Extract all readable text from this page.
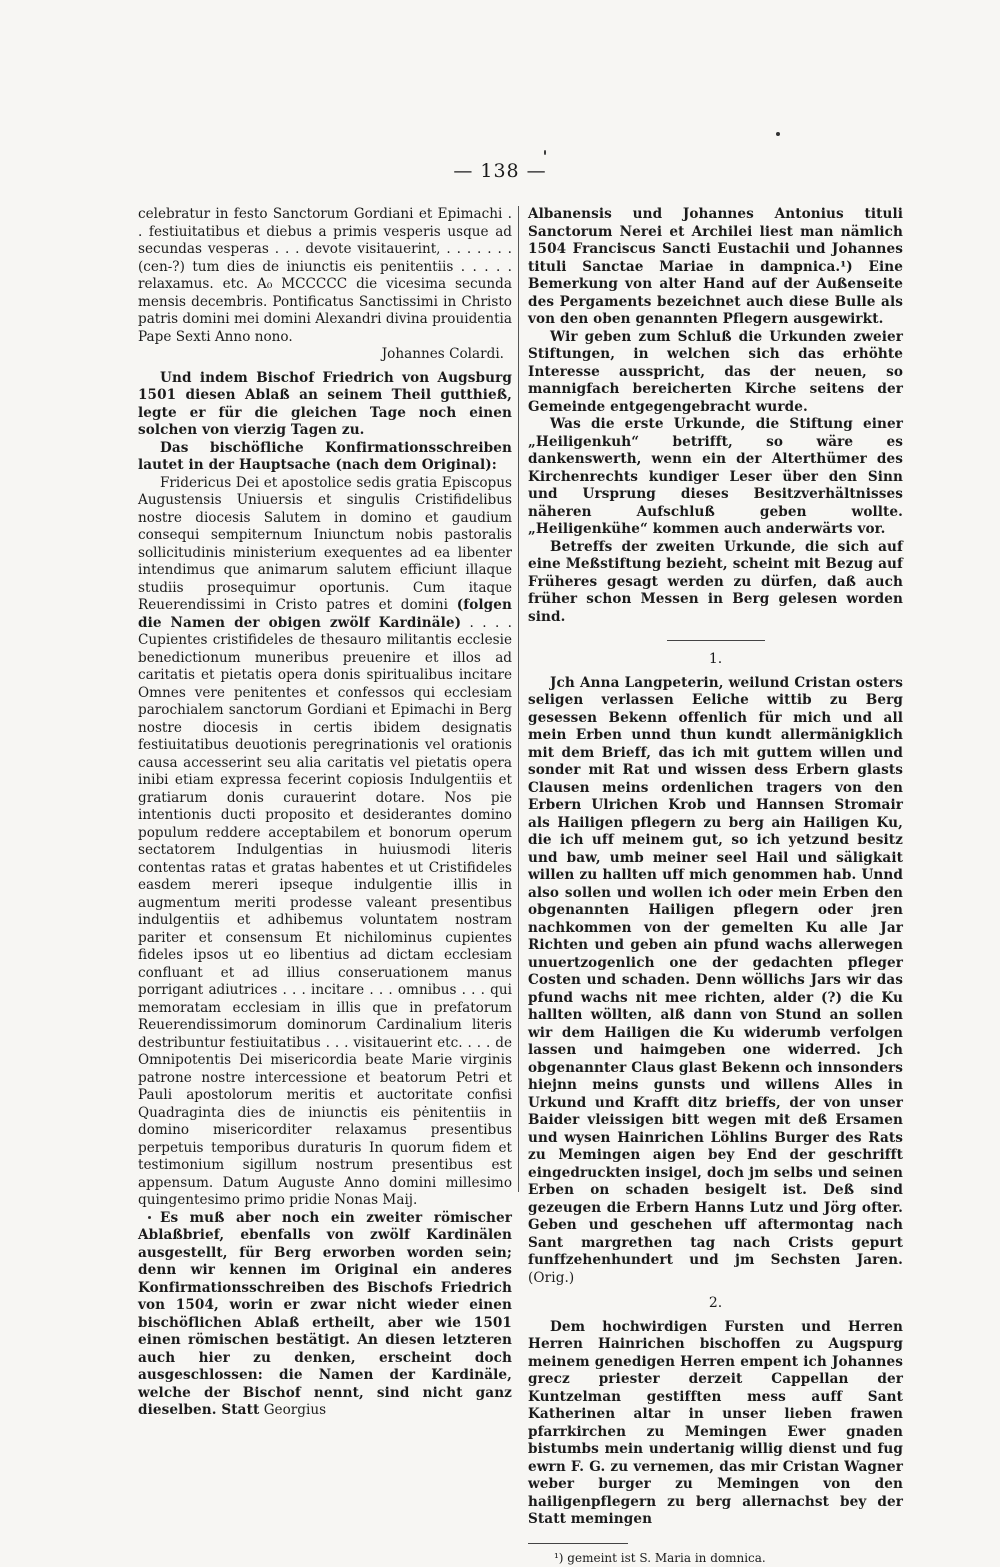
— 138 —

celebratur in festo Sanctorum Gordiani et Epimachi . . festiuitatibus et diebus a primis vesperis usque ad secundas vesperas . . . devote visitauerint, . . . . . . . (cen-?) tum dies de iniunctis eis penitentiis . . . . . relaxamus. etc. A₀ MCCCCC die vicesima secunda mensis decembris. Pontificatus Sanctissimi in Christo patris domini mei domini Alexandri divina prouidentia Pape Sexti Anno nono.

Johannes Colardi.

Und indem Bischof Friedrich von Augsburg 1501 diesen Ablaß an seinem Theil gutthieß, legte er für die gleichen Tage noch einen solchen von vierzig Tagen zu.

Das bischöfliche Konfirmationsschreiben lautet in der Hauptsache (nach dem Original):

Fridericus Dei et apostolice sedis gratia Episcopus Augustensis Uniuersis et singulis Cristifidelibus nostre diocesis Salutem in domino et gaudium consequi sempiternum Iniunctum nobis pastoralis sollicitudinis ministerium exequentes ad ea libenter intendimus que animarum salutem efficiunt illaque studiis prosequimur oportunis. Cum itaque Reuerendissimi in Cristo patres et domini (folgen die Namen der obigen zwölf Kardinäle) . . . . Cupientes cristifideles de thesauro militantis ecclesie benedictionum muneribus preuenire et illos ad caritatis et pietatis opera donis spiritualibus incitare Omnes vere penitentes et confessos qui ecclesiam parochialem sanctorum Gordiani et Epimachi in Berg nostre diocesis in certis ibidem designatis festiuitatibus deuotionis peregrinationis vel orationis causa accesserint seu alia caritatis vel pietatis opera inibi etiam expressa fecerint copiosis Indulgentiis et gratiarum donis curauerint dotare. Nos pie intentionis ducti proposito et desiderantes domino populum reddere acceptabilem et bonorum operum sectatorem Indulgentias in huiusmodi literis contentas ratas et gratas habentes et ut Cristifideles easdem mereri ipseque indulgentie illis in augmentum meriti prodesse valeant presentibus indulgentiis et adhibemus voluntatem nostram pariter et consensum Et nichilominus cupientes fideles ipsos ut eo libentius ad dictam ecclesiam confluant et ad illius conseruationem manus porrigant adiutrices . . . incitare . . . omnibus . . . qui memoratam ecclesiam in illis que in prefatorum Reuerendissimorum dominorum Cardinalium literis destribuntur festiuitatibus . . . visitauerint etc. . . . de Omnipotentis Dei misericordia beate Marie virginis patrone nostre intercessione et beatorum Petri et Pauli apostolorum meritis et auctoritate confisi Quadraginta dies de iniunctis eis pėnitentiis in domino misericorditer relaxamus presentibus perpetuis temporibus duraturis In quorum fidem et testimonium sigillum nostrum presentibus est appensum. Datum Auguste Anno domini millesimo quingentesimo primo pridie Nonas Maij.

Es muß aber noch ein zweiter römischer Ablaßbrief, ebenfalls von zwölf Kardinälen ausgestellt, für Berg erworben worden sein; denn wir kennen im Original ein anderes Konfirmationsschreiben des Bischofs Friedrich von 1504, worin er zwar nicht wieder einen bischöflichen Ablaß ertheilt, aber wie 1501 einen römischen bestätigt. An diesen letzteren auch hier zu denken, erscheint doch ausgeschlossen: die Namen der Kardinäle, welche der Bischof nennt, sind nicht ganz dieselben. Statt Georgius

Albanensis und Johannes Antonius tituli Sanctorum Nerei et Archilei liest man nämlich 1504 Franciscus Sancti Eustachii und Johannes tituli Sanctae Mariae in dampnica.¹) Eine Bemerkung von alter Hand auf der Außenseite des Pergaments bezeichnet auch diese Bulle als von den oben genannten Pflegern ausgewirkt.

Wir geben zum Schluß die Urkunden zweier Stiftungen, in welchen sich das erhöhte Interesse ausspricht, das der neuen, so mannigfach bereicherten Kirche seitens der Gemeinde entgegengebracht wurde.

Was die erste Urkunde, die Stiftung einer „Heiligenkuh“ betrifft, so wäre es dankenswerth, wenn ein der Alterthümer des Kirchenrechts kundiger Leser über den Sinn und Ursprung dieses Besitzverhältnisses näheren Aufschluß geben wollte. „Heiligenkühe“ kommen auch anderwärts vor.

Betreffs der zweiten Urkunde, die sich auf eine Meßstiftung bezieht, scheint mit Bezug auf Früheres gesagt werden zu dürfen, daß auch früher schon Messen in Berg gelesen worden sind.

1.

Jch Anna Langpeterin, weilund Cristan osters seligen verlassen Eeliche wittib zu Berg gesessen Bekenn offenlich für mich und all mein Erben unnd thun kundt allermänigklich mit dem Brieff, das ich mit guttem willen und sonder mit Rat und wissen dess Erbern glasts Clausen meins ordenlichen tragers von den Erbern Ulrichen Krob und Hannsen Stromair als Hailigen pflegern zu berg ain Hailigen Ku, die ich uff meinem gut, so ich yetzund besitz und baw, umb meiner seel Hail und säligkait willen zu hallten uff mich genommen hab. Unnd also sollen und wollen ich oder mein Erben den obgenannten Hailigen pflegern oder jren nachkommen von der gemelten Ku alle Jar Richten und geben ain pfund wachs allerwegen unuertzogenlich one der gedachten pfleger Costen und schaden. Denn wöllichs Jars wir das pfund wachs nit mee richten, alder (?) die Ku hallten wöllten, alß dann von Stund an sollen wir dem Hailigen die Ku widerumb verfolgen lassen und haimgeben one widerred. Jch obgenannter Claus glast Bekenn och innsonders hiejnn meins gunsts und willens Alles in Urkund und Krafft ditz brieffs, der von unser Baider vleissigen bitt wegen mit deß Ersamen und wysen Hainrichen Löhlins Burger des Rats zu Memingen aigen bey End der geschrifft eingedruckten insigel, doch jm selbs und seinen Erben on schaden besigelt ist. Deß sind gezeugen die Erbern Hanns Lutz und Jörg ofter. Geben und geschehen uff aftermontag nach Sant margrethen tag nach Crists gepurt funffzehenhundert und jm Sechsten Jaren. (Orig.)

2.

Dem hochwirdigen Fursten und Herren Herren Hainrichen bischoffen zu Augspurg meinem genedigen Herren empent ich Johannes grecz priester derzeit Cappellan der Kuntzelman gestifften mess auff Sant Katherinen altar in unser lieben frawen pfarrkirchen zu Memingen Ewer gnaden bistumbs mein undertanig willig dienst und fug ewrn F. G. zu vernemen, das mir Cristan Wagner weber burger zu Memingen von den hailigenpflegern zu berg allernachst bey der Statt memingen

¹) gemeint ist S. Maria in domnica.
